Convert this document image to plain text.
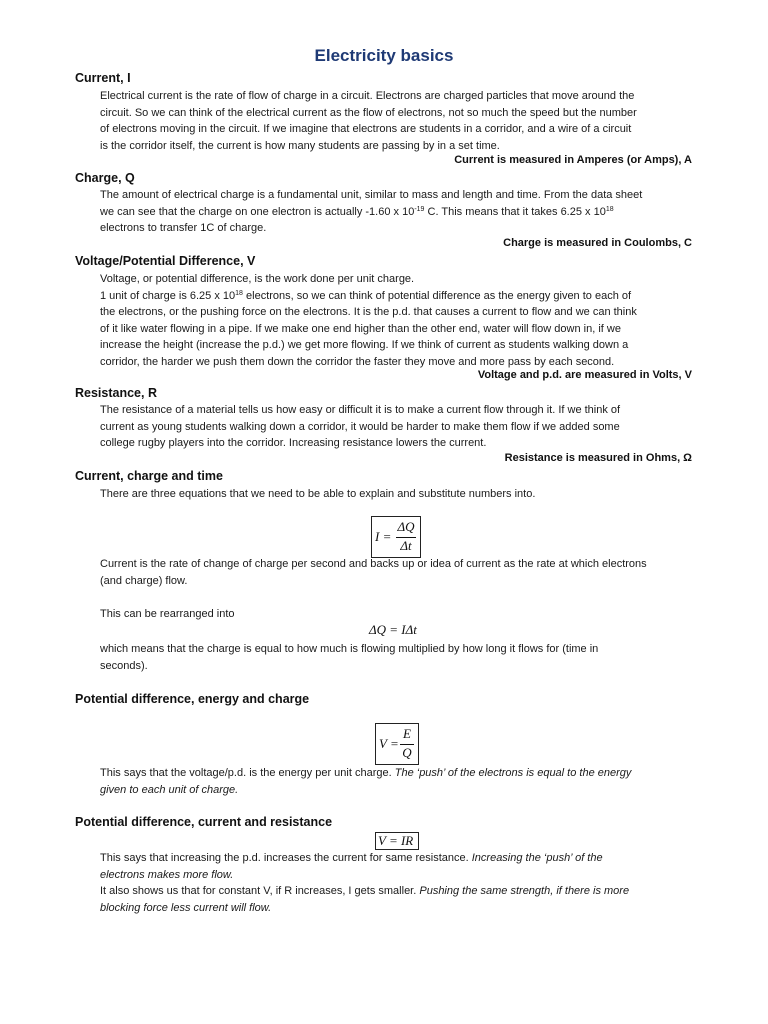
Electricity basics
Current, I
Electrical current is the rate of flow of charge in a circuit. Electrons are charged particles that move around the
circuit. So we can think of the electrical current as the flow of electrons, not so much the speed but the number
of electrons moving in the circuit. If we imagine that electrons are students in a corridor, and a wire of a circuit
is the corridor itself, the current is how many students are passing by in a set time.
Current is measured in Amperes (or Amps), A
Charge, Q
The amount of electrical charge is a fundamental unit, similar to mass and length and time. From the data sheet
we can see that the charge on one electron is actually -1.60 x $10^{-19}$ C. This means that it takes 6.25 x $10^{18}$
electrons to transfer 1C of charge.
Charge is measured in Coulombs, C
Voltage/Potential Difference, V
Voltage, or potential difference, is the work done per unit charge.
1 unit of charge is 6.25 x $10^{18}$ electrons, so we can think of potential difference as the energy given to each of
the electrons, or the pushing force on the electrons. It is the p.d. that causes a current to flow and we can think
of it like water flowing in a pipe. If we make one end higher than the other end, water will flow down in, if we
increase the height (increase the p.d.) we get more flowing. If we think of current as students walking down a
corridor, the harder we push them down the corridor the faster they move and more pass by each second.
Voltage and p.d. are measured in Volts, V
Resistance, R
The resistance of a material tells us how easy or difficult it is to make a current flow through it. If we think of
current as young students walking down a corridor, it would be harder to make them flow if we added some
college rugby players into the corridor. Increasing resistance lowers the current.
Resistance is measured in Ohms, Ω
Current, charge and time
There are three equations that we need to be able to explain and substitute numbers into.
I =
ΔQ
Δt
Current is the rate of change of charge per second and backs up or idea of current as the rate at which electrons
(and charge) flow.
This can be rearranged into
ΔQ = IΔt
which means that the charge is equal to how much is flowing multiplied by how long it flows for (time in
seconds).
Potential difference, energy and charge
V =
E
Q
This says that the voltage/p.d. is the energy per unit charge. The ‘push’ of the electrons is equal to the energy
given to each unit of charge.
Potential difference, current and resistance
V = IR
This says that increasing the p.d. increases the current for same resistance. Increasing the ‘push’ of the
electrons makes more flow.
It also shows us that for constant V, if R increases, I gets smaller. Pushing the same strength, if there is more
blocking force less current will flow.
